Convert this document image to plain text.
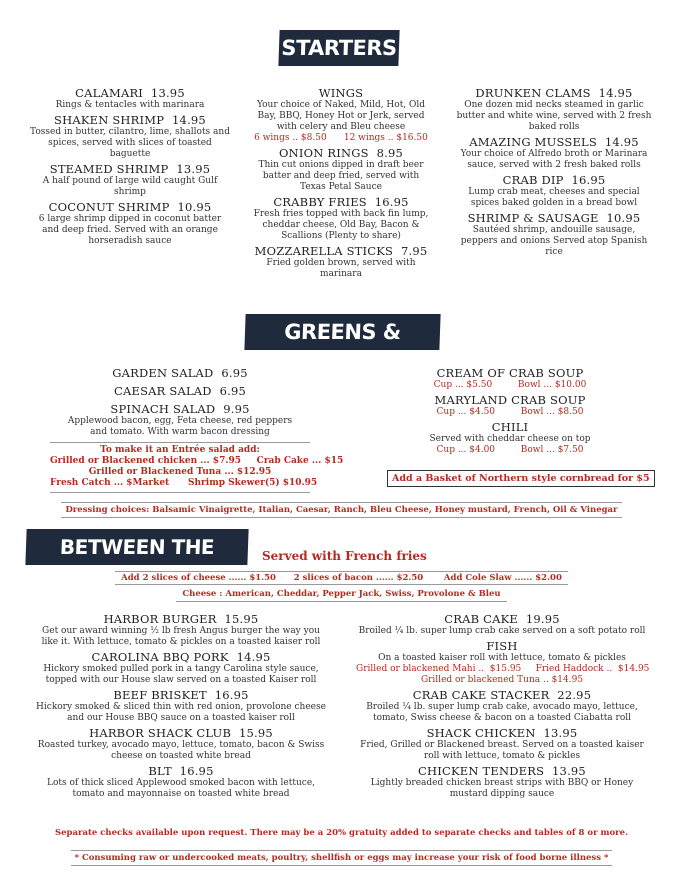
STARTERS
CALAMARI 13.95
Rings & tentacles with marinara
SHAKEN SHRIMP 14.95
Tossed in butter, cilantro, lime, shallots and spices, served with slices of toasted baguette
STEAMED SHRIMP 13.95
A half pound of large wild caught Gulf shrimp
COCONUT SHRIMP 10.95
6 large shrimp dipped in coconut batter and deep fried. Served with an orange horseradish sauce
WINGS
Your choice of Naked, Mild, Hot, Old Bay, BBQ, Honey Hot or Jerk, served with celery and Bleu cheese
6 wings .. $8.50      12 wings .. $16.50
ONION RINGS 8.95
Thin cut onions dipped in draft beer batter and deep fried, served with Texas Petal Sauce
CRABBY FRIES 16.95
Fresh fries topped with back fin lump, cheddar cheese, Old Bay, Bacon & Scallions (Plenty to share)
MOZZARELLA STICKS 7.95
Fried golden brown, served with marinara
DRUNKEN CLAMS 14.95
One dozen mid necks steamed in garlic butter and white wine, served with 2 fresh baked rolls
AMAZING MUSSELS 14.95
Your choice of Alfredo broth or Marinara sauce, served with 2 fresh baked rolls
CRAB DIP 16.95
Lump crab meat, cheeses and special spices baked golden in a bread bowl
SHRIMP & SAUSAGE 10.95
Sautéed shrimp, andouille sausage, peppers and onions Served atop Spanish rice
GREENS & SOUPS
GARDEN SALAD 6.95
CAESAR SALAD 6.95
SPINACH SALAD 9.95
Applewood bacon, egg, Feta cheese, red peppers and tomato. With warm bacon dressing
To make it an Entrée salad add:
Grilled or Blackened chicken ... $7.95     Crab Cake ... $15
Grilled or Blackened Tuna ... $12.95
Fresh Catch ... $Market      Shrimp Skewer(5) $10.95
CREAM OF CRAB SOUP
Cup ... $5.50         Bowl ... $10.00
MARYLAND CRAB SOUP
Cup ... $4.50         Bowl ... $8.50
CHILI
Served with cheddar cheese on top
Cup ... $4.00         Bowl ... $7.50
Add a Basket of Northern style cornbread for $5
Dressing choices: Balsamic Vinaigrette, Italian, Caesar, Ranch, Bleu Cheese, Honey mustard, French, Oil & Vinegar
BETWEEN THE BREAD
Served with French fries
Add 2 slices of cheese ...... $1.50      2 slices of bacon ...... $2.50       Add Cole Slaw ...... $2.00
Cheese : American, Cheddar, Pepper Jack, Swiss, Provolone & Bleu
HARBOR BURGER 15.95
Get our award winning ½ lb fresh Angus burger the way you like it. With lettuce, tomato & pickles on a toasted kaiser roll
CAROLINA BBQ PORK 14.95
Hickory smoked pulled pork in a tangy Carolina style sauce, topped with our House slaw served on a toasted Kaiser roll
BEEF BRISKET 16.95
Hickory smoked & sliced thin with red onion, provolone cheese and our House BBQ sauce on a toasted kaiser roll
HARBOR SHACK CLUB 15.95
Roasted turkey, avocado mayo, lettuce, tomato, bacon & Swiss cheese on toasted white bread
BLT 16.95
Lots of thick sliced Applewood smoked bacon with lettuce, tomato and mayonnaise on toasted white bread
CRAB CAKE 19.95
Broiled ¼ lb. super lump crab cake served on a soft potato roll
FISH
On a toasted kaiser roll with lettuce, tomato & pickles
Grilled or blackened Mahi ..  $15.95     Fried Haddock ..  $14.95
Grilled or blackened Tuna .. $14.95
CRAB CAKE STACKER 22.95
Broiled ¼ lb. super lump crab cake, avocado mayo, lettuce, tomato, Swiss cheese & bacon on a toasted Ciabatta roll
SHACK CHICKEN 13.95
Fried, Grilled or Blackened breast. Served on a toasted kaiser roll with lettuce, tomato & pickles
CHICKEN TENDERS 13.95
Lightly breaded chicken breast strips with BBQ or Honey mustard dipping sauce
Separate checks available upon request. There may be a 20% gratuity added to separate checks and tables of 8 or more.
* Consuming raw or undercooked meats, poultry, shellfish or eggs may increase your risk of food borne illness *
